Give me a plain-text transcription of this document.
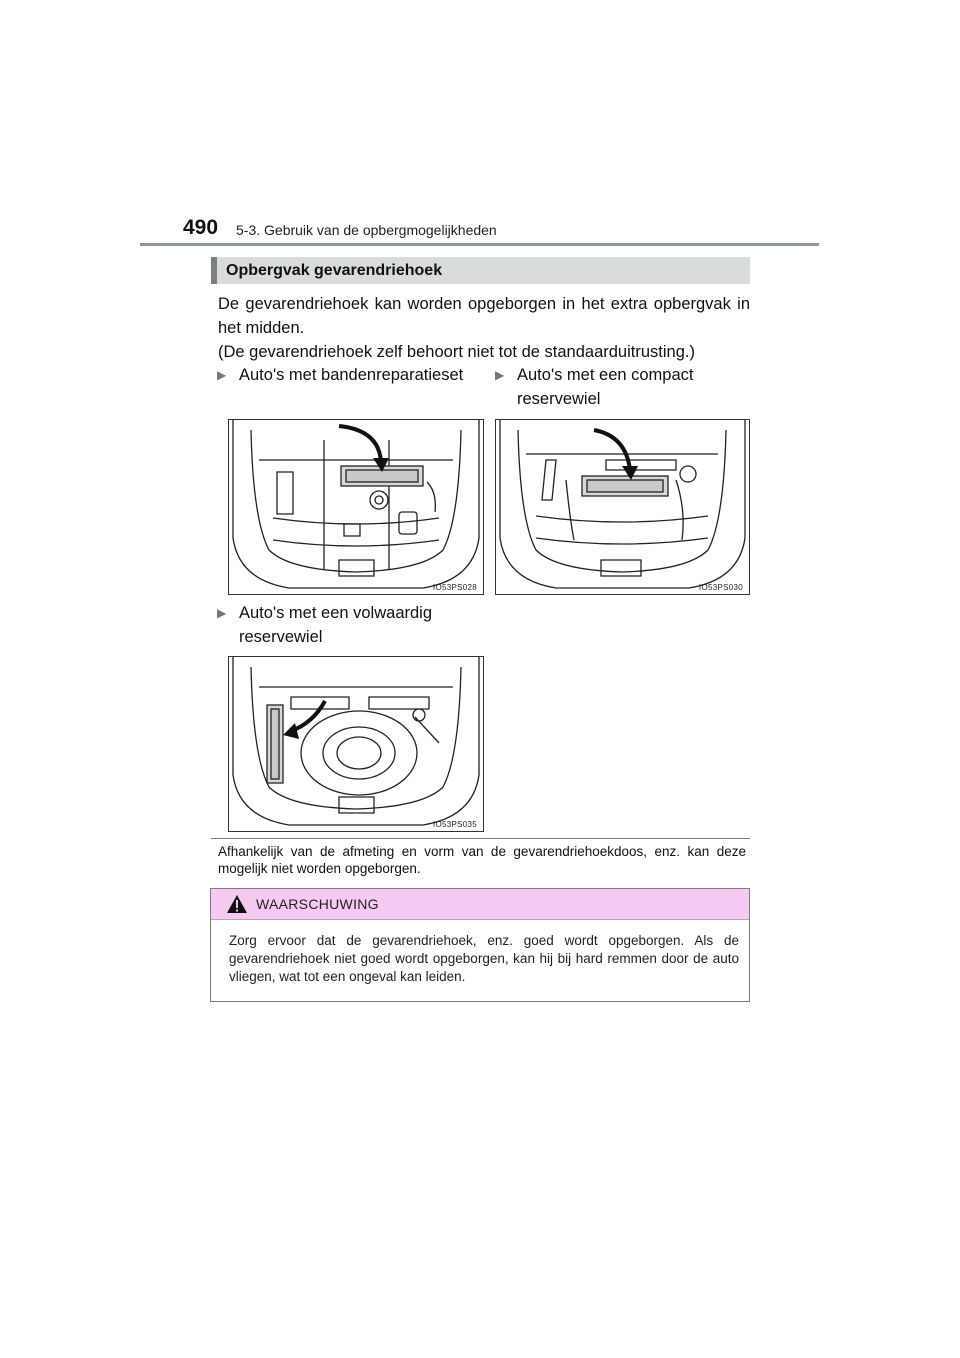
490 5-3. Gebruik van de opbergmogelijkheden
Opbergvak gevarendriehoek

De gevarendriehoek kan worden opgeborgen in het extra opbergvak in het midden.

(De gevarendriehoek zelf behoort niet tot de standaarduitrusting.)

▶ Auto's met bandenreparatieset	▶ Auto's met een compact reservewiel
IO53PS028	IO53PS030
▶ Auto's met een volwaardig reservewiel
IO53PS035
Afhankelijk van de afmeting en vorm van de gevarendriehoekdoos, enz. kan deze mogelijk niet worden opgeborgen.
WAARSCHUWING
Zorg ervoor dat de gevarendriehoek, enz. goed wordt opgeborgen. Als de gevarendriehoek niet goed wordt opgeborgen, kan hij bij hard remmen door de auto vliegen, wat tot een ongeval kan leiden.
